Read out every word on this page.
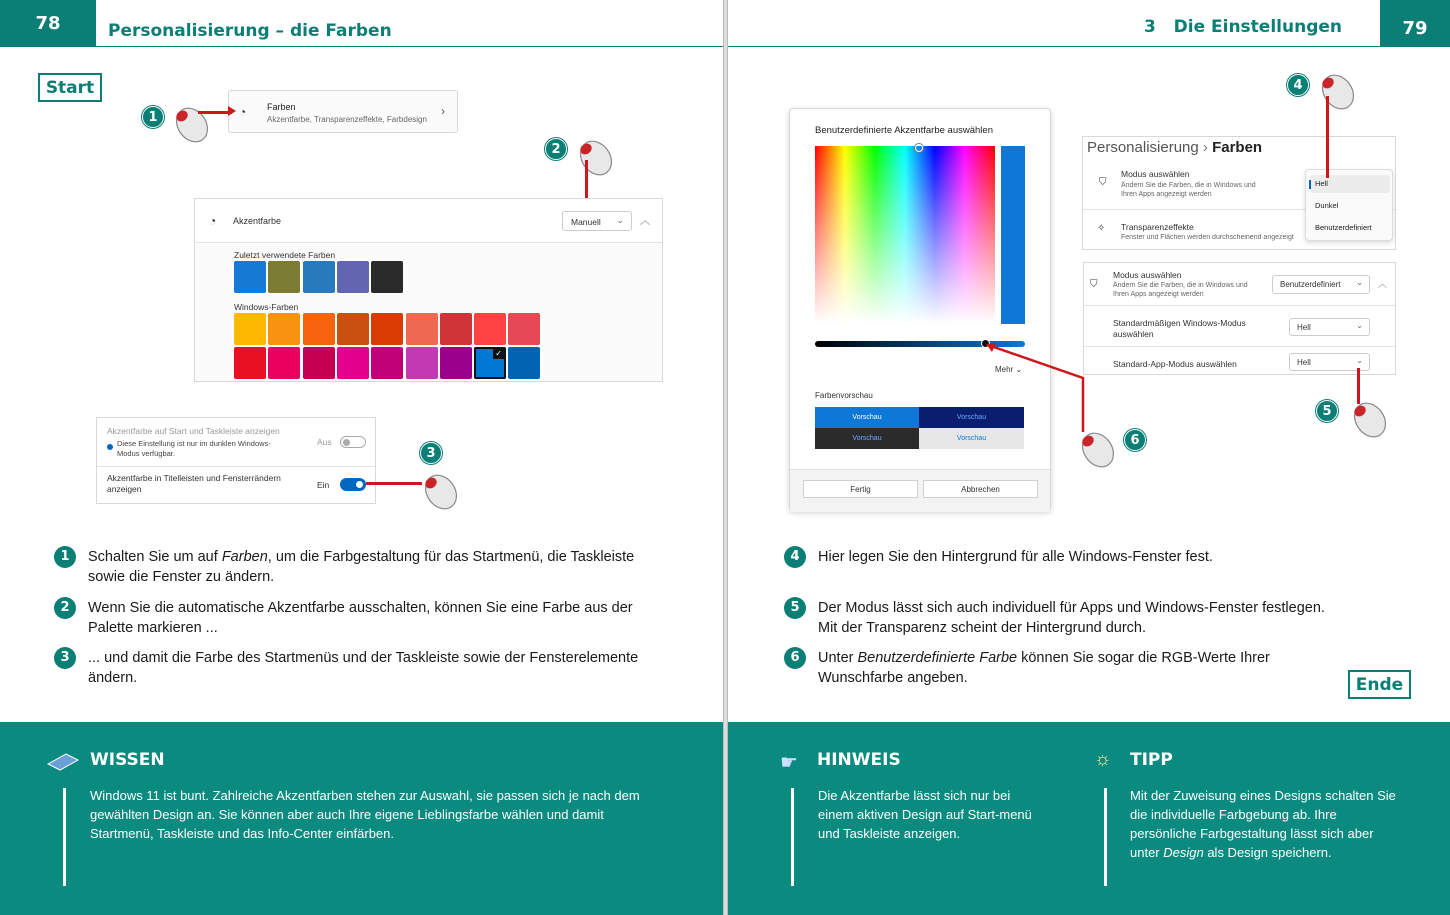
78	Personalisierung – die Farben
Start
◔ Farben
Akzentfarbe, Transparenzeffekte, Farbdesign
›
1
2
◔ Akzentfarbe	Manuell ⌄ ︿
Zuletzt verwendete Farben
Windows-Farben
✓
Akzentfarbe auf Start und Taskleiste anzeigen
Diese Einstellung ist nur im dunklen Windows-Modus verfügbar.
Aus
Akzentfarbe in Titelleisten und Fensterrändern anzeigen	Ein
3
1	Schalten Sie um auf Farben, um die Farbgestaltung für das Startmenü, die Taskleiste sowie die Fenster zu ändern.
2	Wenn Sie die automatische Akzentfarbe ausschalten, können Sie eine Farbe aus der Palette markieren ...
3	... und damit die Farbe des Startmenüs und der Taskleiste sowie der Fensterelemente ändern.
WISSEN
Windows 11 ist bunt. Zahlreiche Akzentfarben stehen zur Auswahl, sie passen sich je nach dem gewählten Design an. Sie können aber auch Ihre eigene Lieblingsfarbe wählen und damit Startmenü, Taskleiste und das Info-Center einfärben.
3   Die Einstellungen	79
Benutzerdefinierte Akzentfarbe auswählen
Mehr ⌄
Farbenvorschau
Vorschau	Vorschau
Vorschau	Vorschau
Fertig	Abbrechen
4
Personalisierung › Farben
⛉
Modus auswählen
Ändern Sie die Farben, die in Windows und Ihren Apps angezeigt werden
✧ Transparenzeffekte
Fenster und Flächen werden durchscheinend angezeigt
Hell
Dunkel
Benutzerdefiniert
⛉
Modus auswählen
Ändern Sie die Farben, die in Windows und Ihren Apps angezeigt werden
Benutzerdefiniert ⌄ ︿
Standardmäßigen Windows-Modus auswählen
Hell	⌄
Standard-App-Modus auswählen	Hell	⌄
5
6
4	Hier legen Sie den Hintergrund für alle Windows-Fenster fest.
5	Der Modus lässt sich auch individuell für Apps und Windows-Fenster festlegen. Mit der Transparenz scheint der Hintergrund durch.
6	Unter Benutzerdefinierte Farbe können Sie sogar die RGB-Werte Ihrer Wunschfarbe angeben.	Ende
☛ HINWEIS
Die Akzentfarbe lässt sich nur bei einem aktiven Design auf Start-menü und Taskleiste anzeigen.
☼ TIPP
Mit der Zuweisung eines Designs schalten Sie die individuelle Farbgebung ab. Ihre persönliche Farbgestaltung lässt sich aber unter Design als Design speichern.
